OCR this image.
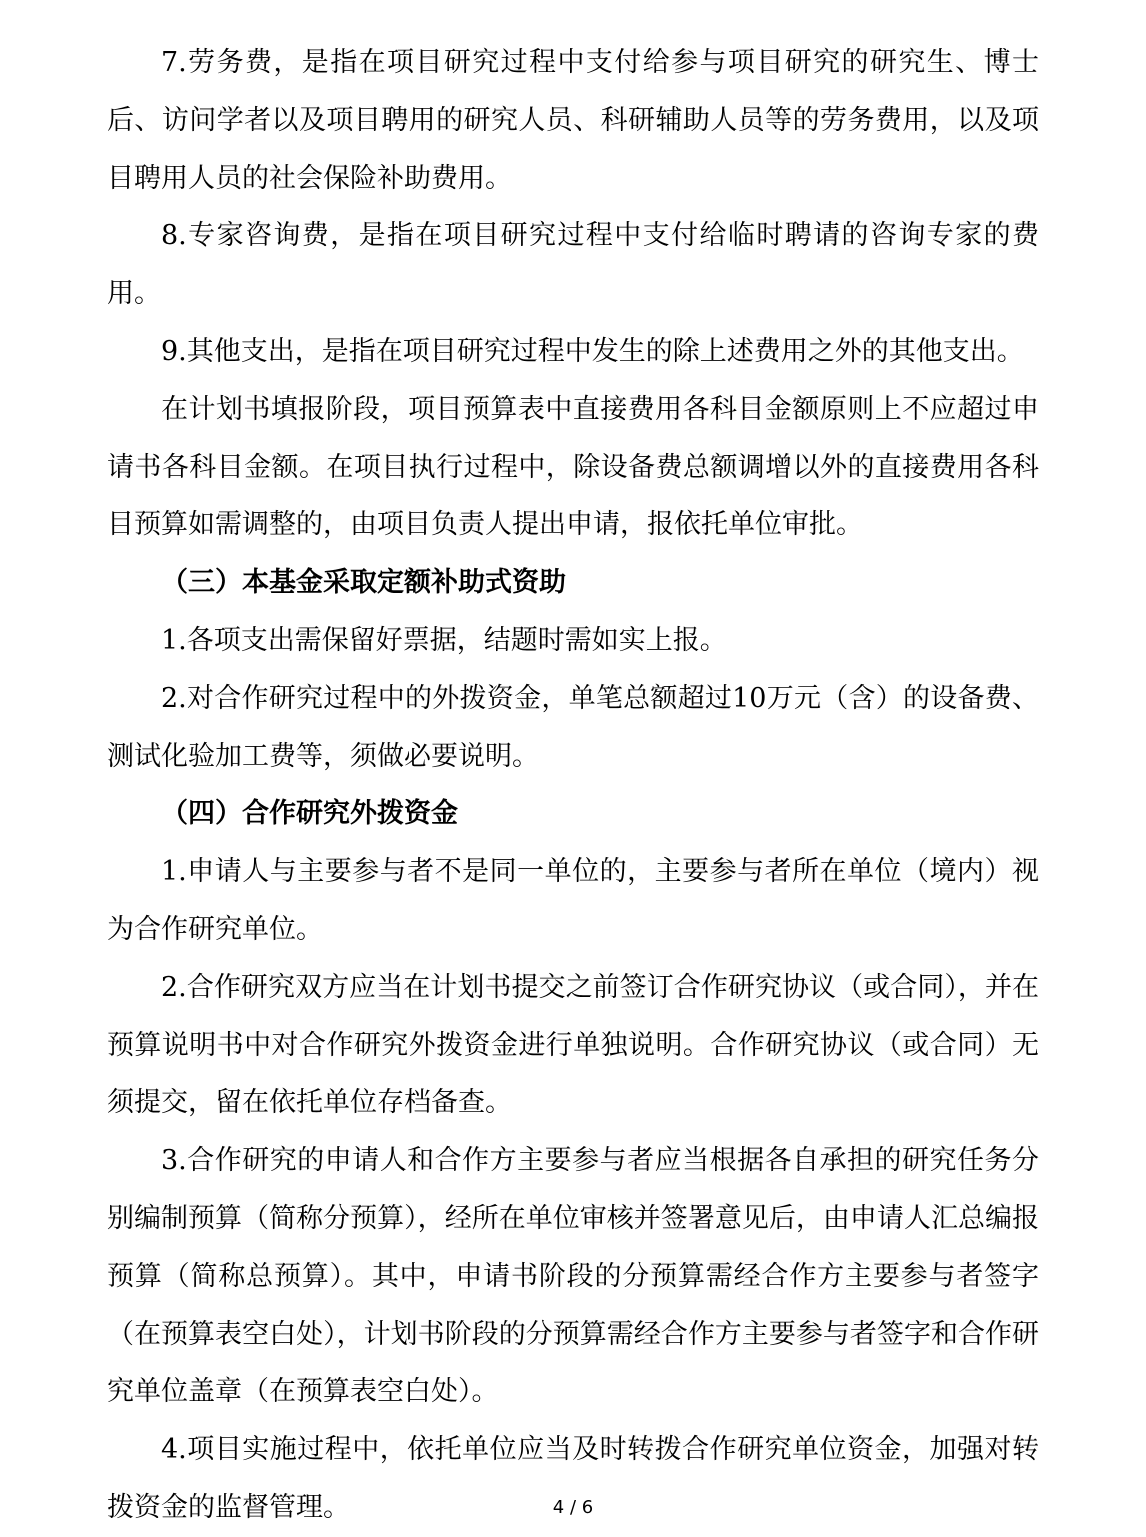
7.劳务费，是指在项目研究过程中支付给参与项目研究的研究生、博士后、访问学者以及项目聘用的研究人员、科研辅助人员等的劳务费用，以及项目聘用人员的社会保险补助费用。

8.专家咨询费，是指在项目研究过程中支付给临时聘请的咨询专家的费用。

9.其他支出，是指在项目研究过程中发生的除上述费用之外的其他支出。

在计划书填报阶段，项目预算表中直接费用各科目金额原则上不应超过申请书各科目金额。在项目执行过程中，除设备费总额调增以外的直接费用各科目预算如需调整的，由项目负责人提出申请，报依托单位审批。

（三）本基金采取定额补助式资助

1.各项支出需保留好票据，结题时需如实上报。

2.对合作研究过程中的外拨资金，单笔总额超过10万元（含）的设备费、测试化验加工费等，须做必要说明。

（四）合作研究外拨资金

1.申请人与主要参与者不是同一单位的，主要参与者所在单位（境内）视为合作研究单位。

2.合作研究双方应当在计划书提交之前签订合作研究协议（或合同），并在预算说明书中对合作研究外拨资金进行单独说明。合作研究协议（或合同）无须提交，留在依托单位存档备查。

3.合作研究的申请人和合作方主要参与者应当根据各自承担的研究任务分别编制预算（简称分预算），经所在单位审核并签署意见后，由申请人汇总编报预算（简称总预算）。其中，申请书阶段的分预算需经合作方主要参与者签字（在预算表空白处），计划书阶段的分预算需经合作方主要参与者签字和合作研究单位盖章（在预算表空白处）。

4.项目实施过程中，依托单位应当及时转拨合作研究单位资金，加强对转拨资金的监督管理。	4 / 6
